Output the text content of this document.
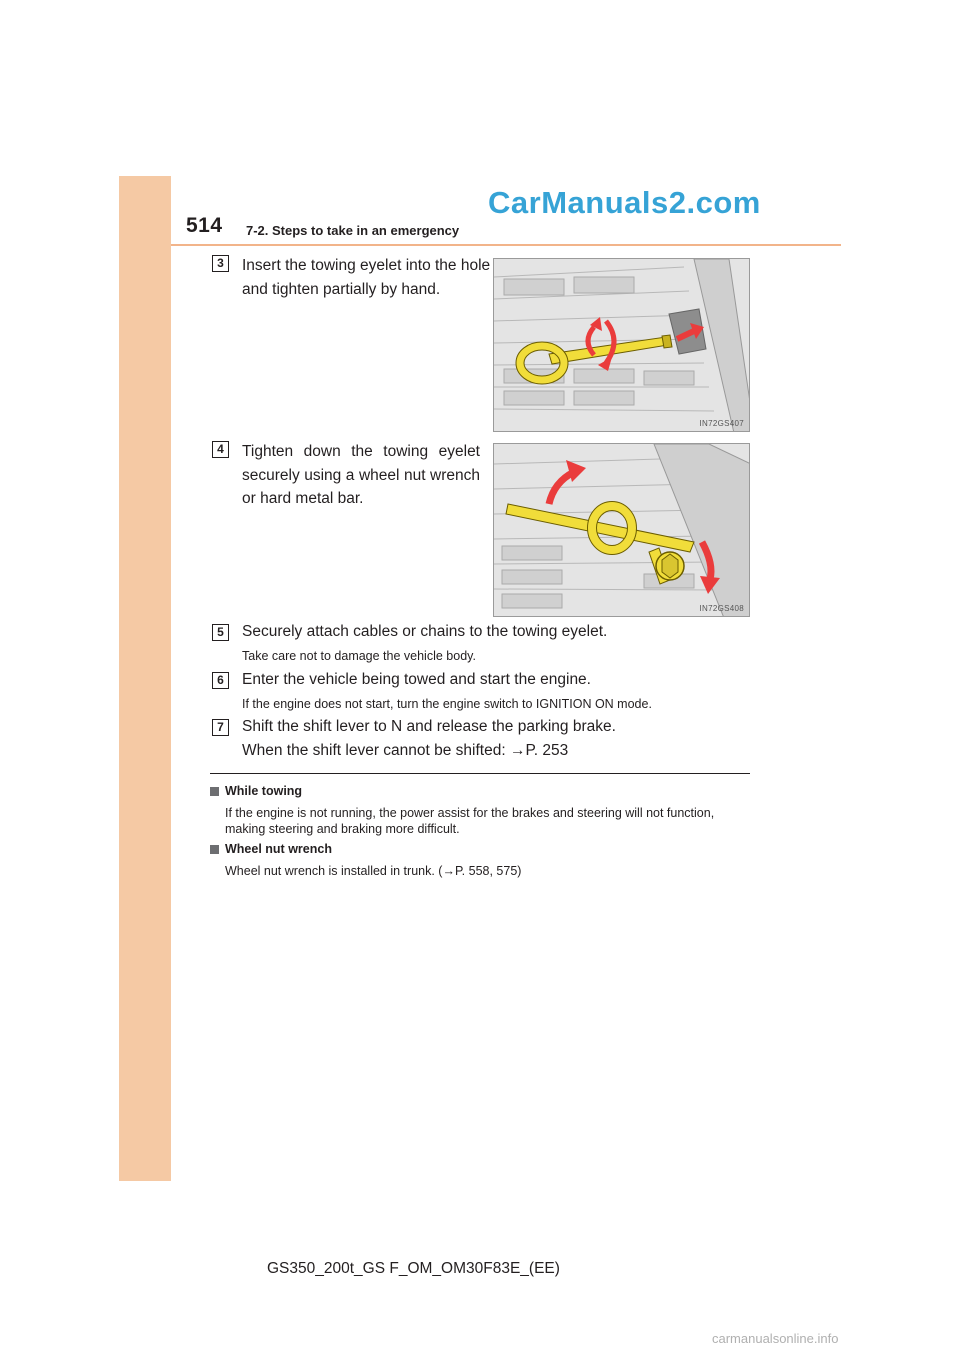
514 7-2. Steps to take in an emergency
CarManuals2.com
3	Insert the towing eyelet into the hole
and tighten partially by hand.
IN72GS407
4	Tighten down the towing eyelet securely using a wheel nut wrench or hard metal bar.
IN72GS408
5	Securely attach cables or chains to the towing eyelet.
Take care not to damage the vehicle body.
6	Enter the vehicle being towed and start the engine.
If the engine does not start, turn the engine switch to IGNITION ON mode.
7	Shift the shift lever to N and release the parking brake.
When the shift lever cannot be shifted: →P. 253
While towing
If the engine is not running, the power assist for the brakes and steering will not function,
making steering and braking more difficult.
Wheel nut wrench
Wheel nut wrench is installed in trunk. (→P. 558, 575)
GS350_200t_GS F_OM_OM30F83E_(EE)
carmanualsonline.info
